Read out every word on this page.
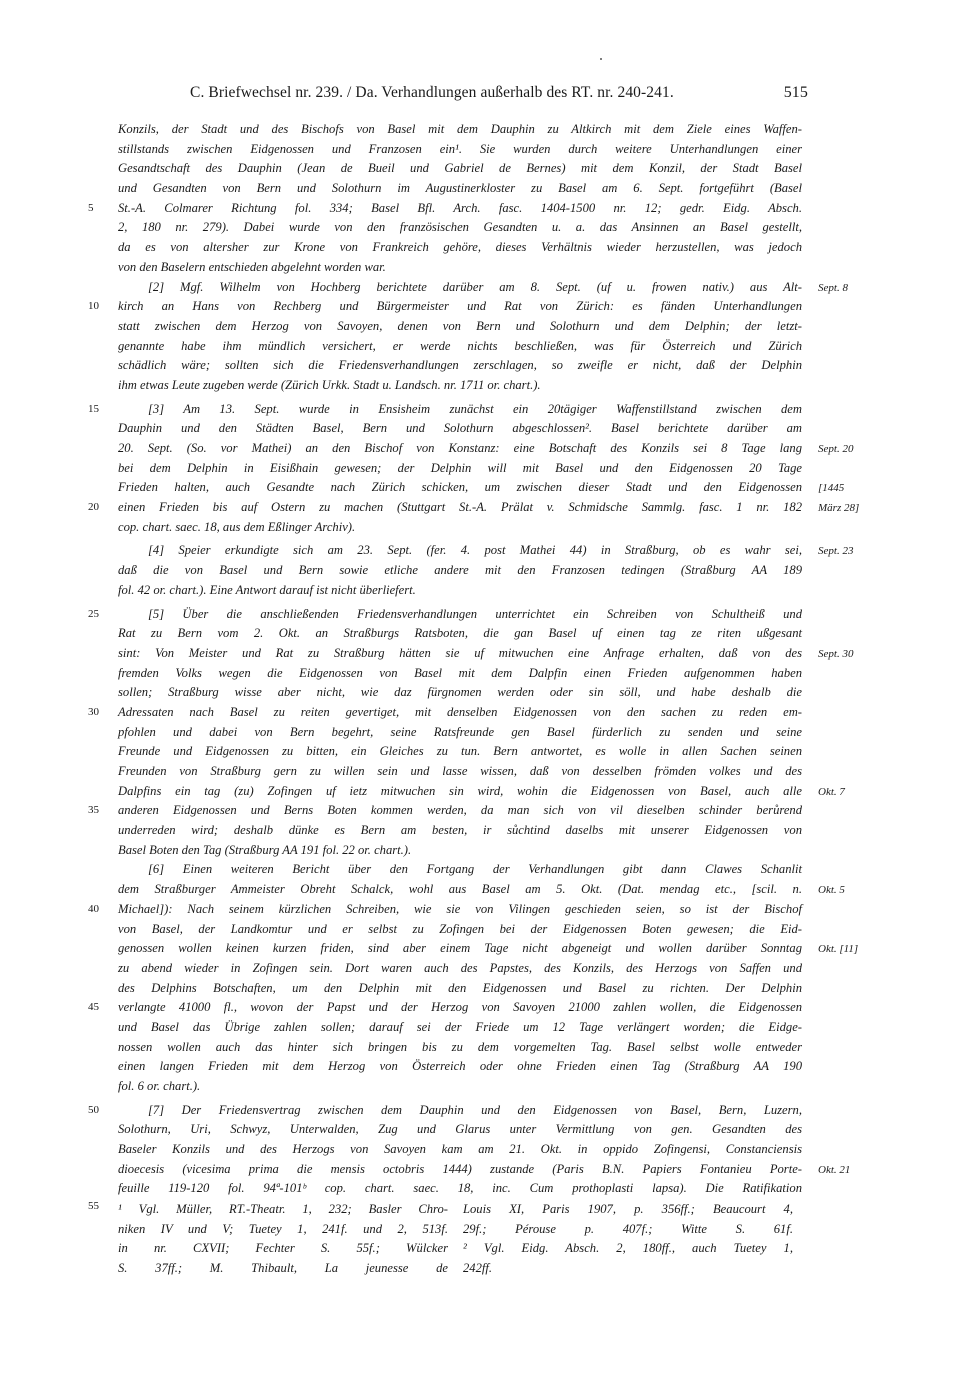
C. Briefwechsel nr. 239. / Da. Verhandlungen außerhalb des RT. nr. 240-241.	515
Konzils, der Stadt und des Bischofs von Basel mit dem Dauphin zu Altkirch mit dem Ziele eines Waffen-
stillstands zwischen Eidgenossen und Franzosen ein¹. Sie wurden durch weitere Unterhandlungen einer
Gesandtschaft des Dauphin (Jean de Bueil und Gabriel de Bernes) mit dem Konzil, der Stadt Basel
und Gesandten von Bern und Solothurn im Augustinerkloster zu Basel am 6. Sept. fortgeführt (Basel
5	St.-A. Colmarer Richtung fol. 334; Basel Bfl. Arch. fasc. 1404-1500 nr. 12; gedr. Eidg. Absch.
2, 180 nr. 279). Dabei wurde von den französischen Gesandten u. a. das Ansinnen an Basel gestellt,
da es von altersher zur Krone von Frankreich gehöre, dieses Verhältnis wieder herzustellen, was jedoch
von den Baselern entschieden abgelehnt worden war.
[2] Mgf. Wilhelm von Hochberg berichtete darüber am 8. Sept. (uf u. frowen nativ.) aus Alt- Sept. 8
10	kirch an Hans von Rechberg und Bürgermeister und Rat von Zürich: es fänden Unterhandlungen
statt zwischen dem Herzog von Savoyen, denen von Bern und Solothurn und dem Delphin; der letzt-
genannte habe ihm mündlich versichert, er werde nichts beschließen, was für Österreich und Zürich
schädlich wäre; sollten sich die Friedensverhandlungen zerschlagen, so zweifle er nicht, daß der Delphin
ihm etwas Leute zugeben werde (Zürich Urkk. Stadt u. Landsch. nr. 1711 or. chart.).
15	[3] Am 13. Sept. wurde in Ensisheim zunächst ein 20tägiger Waffenstillstand zwischen dem
Dauphin und den Städten Basel, Bern und Solothurn abgeschlossen². Basel berichtete darüber am
20. Sept. (So. vor Mathei) an den Bischof von Konstanz: eine Botschaft des Konzils sei 8 Tage lang Sept. 20
bei dem Delphin in Eisißhain gewesen; der Delphin will mit Basel und den Eidgenossen 20 Tage
Frieden halten, auch Gesandte nach Zürich schicken, um zwischen dieser Stadt und den Eidgenossen [1445
20	einen Frieden bis auf Ostern zu machen (Stuttgart St.-A. Prälat v. Schmidsche Sammlg. fasc. 1 nr. 182 März 28]
cop. chart. saec. 18, aus dem Eßlinger Archiv).
[4] Speier erkundigte sich am 23. Sept. (fer. 4. post Mathei 44) in Straßburg, ob es wahr sei, Sept. 23
daß die von Basel und Bern sowie etliche andere mit den Franzosen tedingen (Straßburg AA 189
fol. 42 or. chart.). Eine Antwort darauf ist nicht überliefert.
25	[5] Über die anschließenden Friedensverhandlungen unterrichtet ein Schreiben von Schultheiß und
Rat zu Bern vom 2. Okt. an Straßburgs Ratsboten, die gan Basel uf einen tag ze riten ußgesant
sint: Von Meister und Rat zu Straßburg hätten sie uf mitwuchen eine Anfrage erhalten, daß von des Sept. 30
fremden Volks wegen die Eidgenossen von Basel mit dem Dalpfin einen Frieden aufgenommen haben
sollen; Straßburg wisse aber nicht, wie daz fürgnomen werden oder sin söll, und habe deshalb die
30	Adressaten nach Basel zu reiten gevertiget, mit denselben Eidgenossen von den sachen zu reden em-
pfohlen und dabei von Bern begehrt, seine Ratsfreunde gen Basel fürderlich zu senden und seine
Freunde und Eidgenossen zu bitten, ein Gleiches zu tun. Bern antwortet, es wolle in allen Sachen seinen
Freunden von Straßburg gern zu willen sein und lasse wissen, daß von desselben frömden volkes und des
Dalpfins ein tag (zu) Zofingen uf ietz mitwuchen sin wird, wohin die Eidgenossen von Basel, auch alle Okt. 7
35	anderen Eidgenossen und Berns Boten kommen werden, da man sich von vil dieselben schinder berůrend
underreden wird; deshalb dünke es Bern am besten, ir sůchtind daselbs mit unserer Eidgenossen von
Basel Boten den Tag (Straßburg AA 191 fol. 22 or. chart.).
[6] Einen weiteren Bericht über den Fortgang der Verhandlungen gibt dann Clawes Schanlit
dem Straßburger Ammeister Obreht Schalck, wohl aus Basel am 5. Okt. (Dat. mendag etc., [scil. n. Okt. 5
40	Michael]): Nach seinem kürzlichen Schreiben, wie sie von Vilingen geschieden seien, so ist der Bischof
von Basel, der Landkomtur und er selbst zu Zofingen bei der Eidgenossen Boten gewesen; die Eid-
genossen wollen keinen kurzen friden, sind aber einem Tage nicht abgeneigt und wollen darüber Sonntag Okt. [11]
zu abend wieder in Zofingen sein. Dort waren auch des Papstes, des Konzils, des Herzogs von Saffen und
des Delphins Botschaften, um den Delphin mit den Eidgenossen und Basel zu richten. Der Delphin
45	verlangte 41000 fl., wovon der Papst und der Herzog von Savoyen 21000 zahlen wollen, die Eidgenossen
und Basel das Übrige zahlen sollen; darauf sei der Friede um 12 Tage verlängert worden; die Eidge-
nossen wollen auch das hinter sich bringen bis zu dem vorgemelten Tag. Basel selbst wolle entweder
einen langen Frieden mit dem Herzog von Österreich oder ohne Frieden einen Tag (Straßburg AA 190
fol. 6 or. chart.).
50	[7] Der Friedensvertrag zwischen dem Dauphin und den Eidgenossen von Basel, Bern, Luzern,
Solothurn, Uri, Schwyz, Unterwalden, Zug und Glarus unter Vermittlung von gen. Gesandten des
Baseler Konzils und des Herzogs von Savoyen kam am 21. Okt. in oppido Zofingensi, Constanciensis
dioecesis (vicesima prima die mensis octobris 1444) zustande (Paris B.N. Papiers Fontanieu Porte- Okt. 21
feuille 119-120 fol. 94ª-101ᵇ cop. chart. saec. 18, inc. Cum prothoplasti lapsa). Die Ratifikation
55 ¹ Vgl. Müller, RT.-Theatr. 1, 232; Basler Chro-
niken IV und V; Tuetey 1, 241f. und 2, 513f.
in nr. CXVII; Fechter S. 55f.; Wülcker
S. 37ff.; M. Thibault, La jeunesse de
Louis XI, Paris 1907, p. 356ff.; Beaucourt 4,
29f.; Pérouse p. 407f.; Witte S. 61f.
² Vgl. Eidg. Absch. 2, 180ff., auch Tuetey 1,
242ff.
